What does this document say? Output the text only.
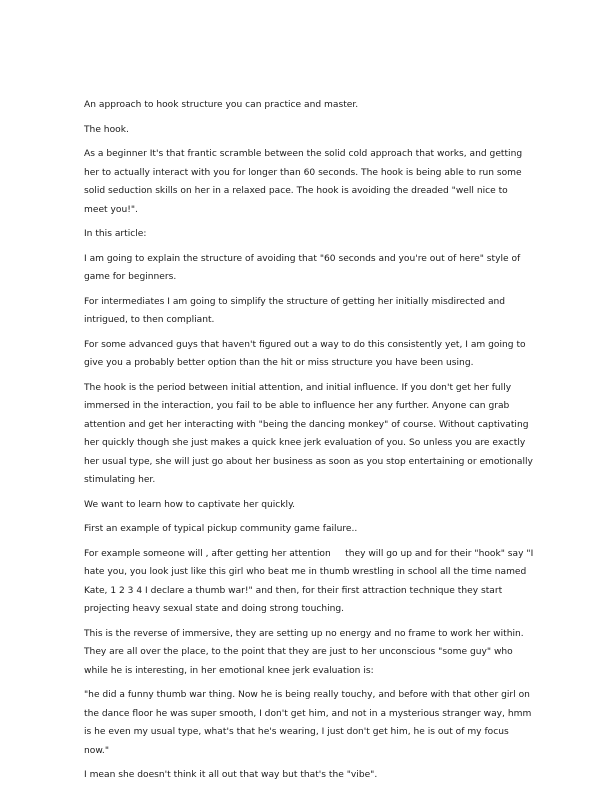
An approach to hook structure you can practice and master.

The hook.

As a beginner It's that frantic scramble between the solid cold approach that works, and getting her to actually interact with you for longer than 60 seconds. The hook is being able to run some solid seduction skills on her in a relaxed pace. The hook is avoiding the dreaded "well nice to meet you!".

In this article:

I am going to explain the structure of avoiding that "60 seconds and you're out of here" style of game for beginners.

For intermediates I am going to simplify the structure of getting her initially misdirected and intrigued, to then compliant.

For some advanced guys that haven't figured out a way to do this consistently yet, I am going to give you a probably better option than the hit or miss structure you have been using.

The hook is the period between initial attention, and initial influence. If you don't get her fully immersed in the interaction, you fail to be able to influence her any further. Anyone can grab attention and get her interacting with "being the dancing monkey" of course. Without captivating her quickly though she just makes a quick knee jerk evaluation of you. So unless you are exactly her usual type, she will just go about her business as soon as you stop entertaining or emotionally stimulating her.

We want to learn how to captivate her quickly.

First an example of typical pickup community game failure..

For example someone will , after getting her attention     they will go up and for their "hook" say "I hate you, you look just like this girl who beat me in thumb wrestling in school all the time named Kate, 1 2 3 4 I declare a thumb war!" and then, for their first attraction technique they start projecting heavy sexual state and doing strong touching.

This is the reverse of immersive, they are setting up no energy and no frame to work her within. They are all over the place, to the point that they are just to her unconscious "some guy" who while he is interesting, in her emotional knee jerk evaluation is:

"he did a funny thumb war thing. Now he is being really touchy, and before with that other girl on the dance floor he was super smooth, I don't get him, and not in a mysterious stranger way, hmm is he even my usual type, what's that he's wearing, I just don't get him, he is out of my focus now."

I mean she doesn't think it all out that way but that's the "vibe".
